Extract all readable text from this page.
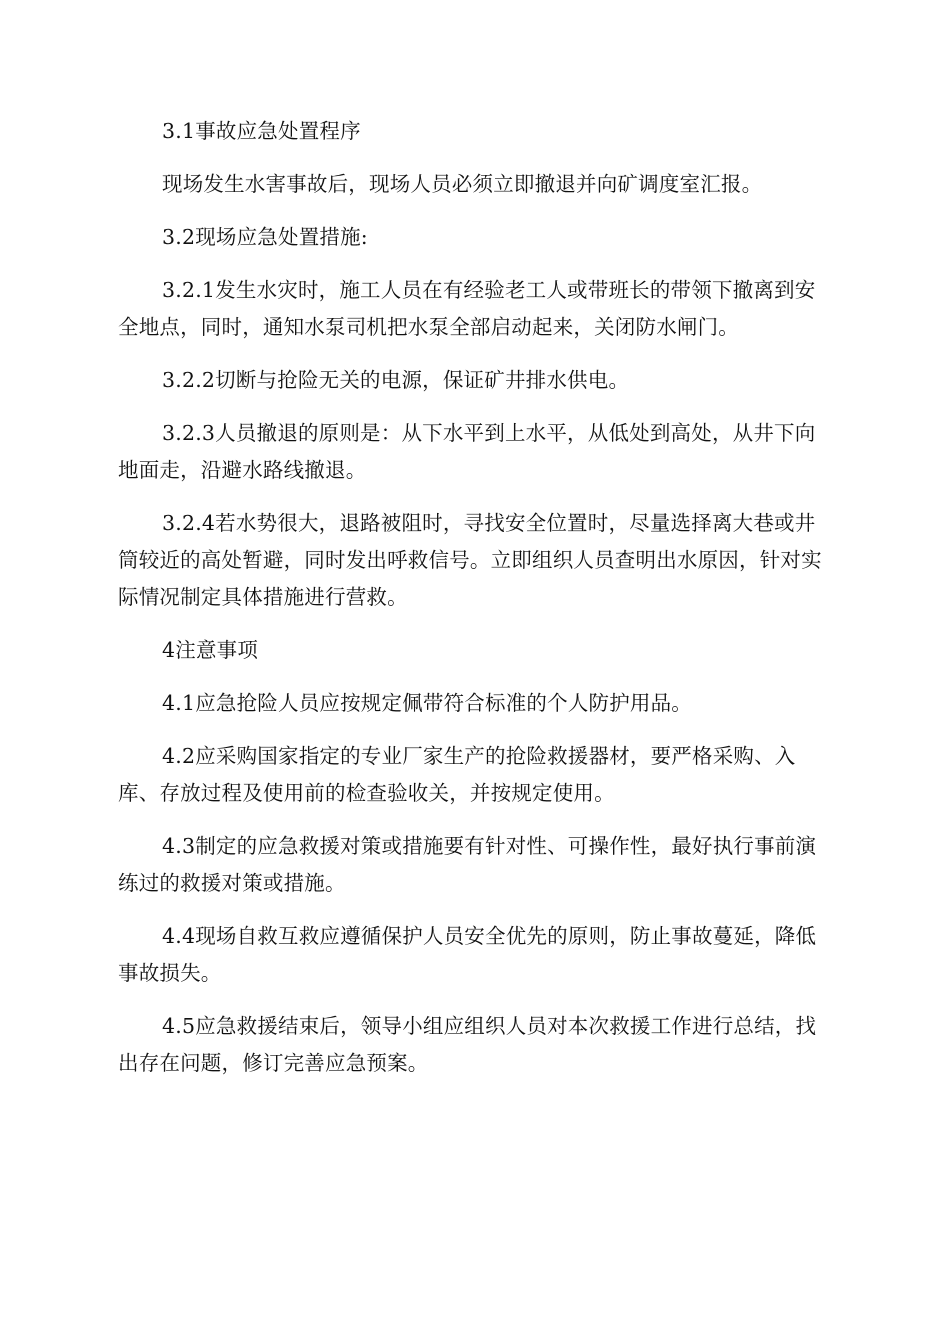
3.1事故应急处置程序

现场发生水害事故后，现场人员必须立即撤退并向矿调度室汇报。

3.2现场应急处置措施:

3.2.1发生水灾时，施工人员在有经验老工人或带班长的带领下撤离到安全地点，同时，通知水泵司机把水泵全部启动起来，关闭防水闸门。

3.2.2切断与抢险无关的电源，保证矿井排水供电。

3.2.3人员撤退的原则是：从下水平到上水平，从低处到高处，从井下向地面走，沿避水路线撤退。

3.2.4若水势很大，退路被阻时，寻找安全位置时，尽量选择离大巷或井筒较近的高处暂避，同时发出呼救信号。立即组织人员查明出水原因，针对实际情况制定具体措施进行营救。

4注意事项

4.1应急抢险人员应按规定佩带符合标准的个人防护用品。

4.2应采购国家指定的专业厂家生产的抢险救援器材，要严格采购、入库、存放过程及使用前的检查验收关，并按规定使用。

4.3制定的应急救援对策或措施要有针对性、可操作性，最好执行事前演练过的救援对策或措施。

4.4现场自救互救应遵循保护人员安全优先的原则，防止事故蔓延，降低事故损失。

4.5应急救援结束后，领导小组应组织人员对本次救援工作进行总结，找出存在问题，修订完善应急预案。
